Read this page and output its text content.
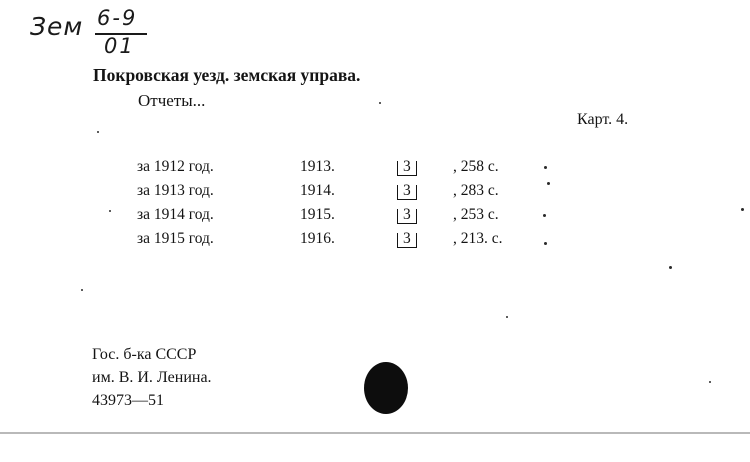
Зем 6-9
01
Покровская уезд. земская управа.
Отчеты...
Карт. 4.
за 1912 год.	1913.	3	, 258 с.
за 1913 год.	1914.	3	, 283 с.
за 1914 год.	1915.	3	, 253 с.
за 1915 год.	1916.	3	, 213. с.
Гос. б-ка СССР
им. В. И. Ленина.
43973—51
